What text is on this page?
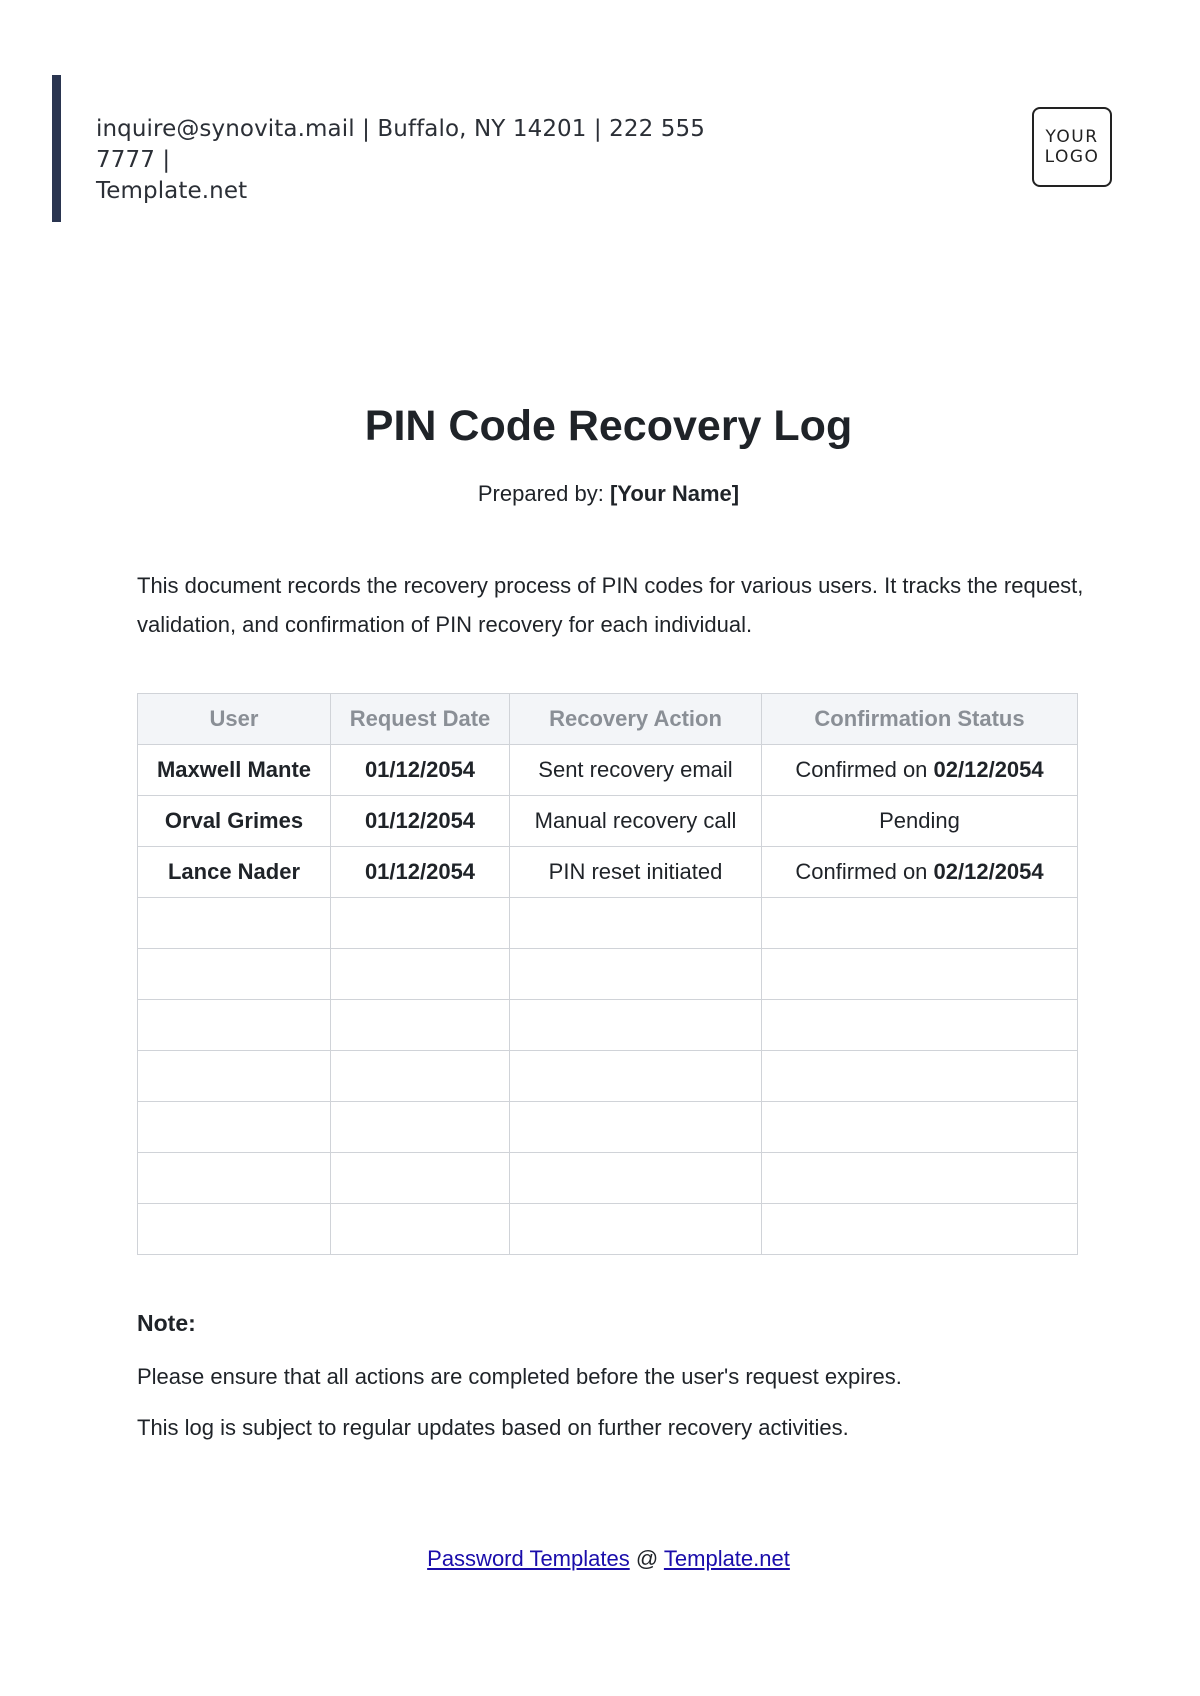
inquire@synovita.mail | Buffalo, NY 14201 | 222 555 7777 |
Template.net
YOUR
LOGO
PIN Code Recovery Log
Prepared by: [Your Name]
This document records the recovery process of PIN codes for various users. It tracks the request, validation, and confirmation of PIN recovery for each individual.
User	Request Date	Recovery Action	Confirmation Status
Maxwell Mante	01/12/2054	Sent recovery email	Confirmed on 02/12/2054
Orval Grimes	01/12/2054	Manual recovery call	Pending
Lance Nader	01/12/2054	PIN reset initiated	Confirmed on 02/12/2054

Note:
Please ensure that all actions are completed before the user's request expires.
This log is subject to regular updates based on further recovery activities.
Password Templates @ Template.net
